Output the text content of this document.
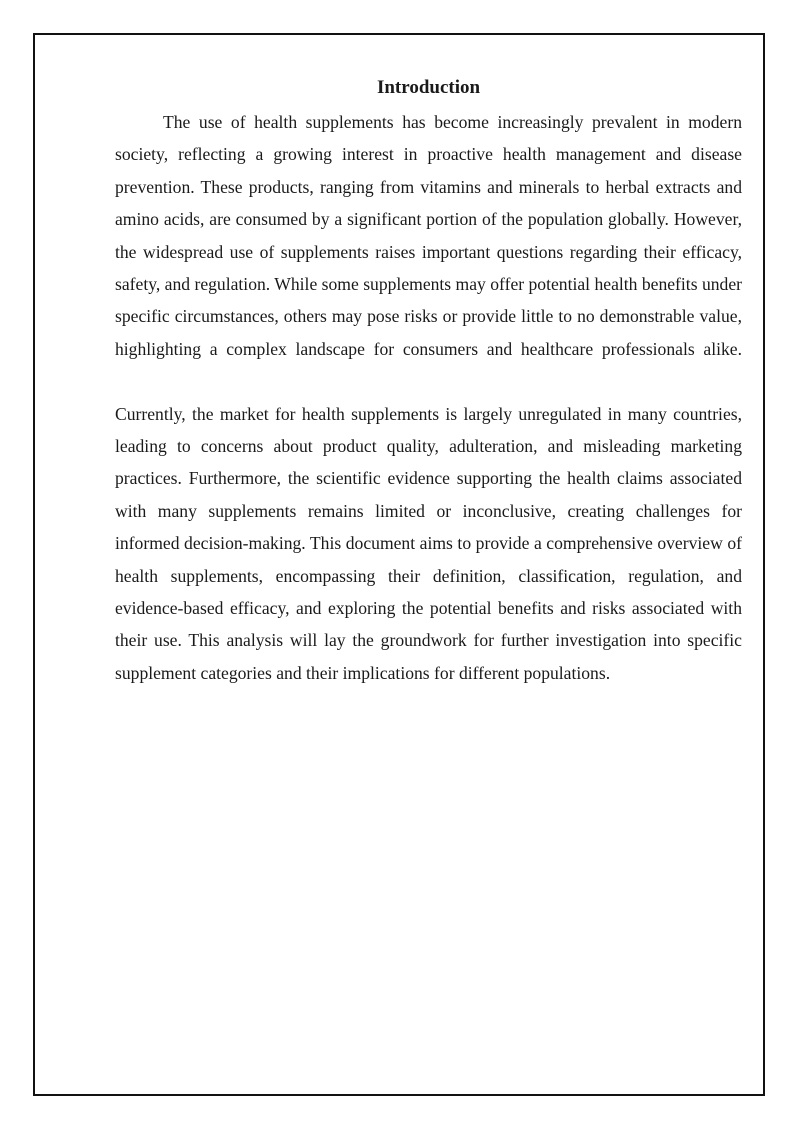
Introduction

The use of health supplements has become increasingly prevalent in modern society, reflecting a growing interest in proactive health management and disease prevention. These products, ranging from vitamins and minerals to herbal extracts and amino acids, are consumed by a significant portion of the population globally. However, the widespread use of supplements raises important questions regarding their efficacy, safety, and regulation. While some supplements may offer potential health benefits under specific circumstances, others may pose risks or provide little to no demonstrable value, highlighting a complex landscape for consumers and healthcare professionals alike.

Currently, the market for health supplements is largely unregulated in many countries, leading to concerns about product quality, adulteration, and misleading marketing practices. Furthermore, the scientific evidence supporting the health claims associated with many supplements remains limited or inconclusive, creating challenges for informed decision-making. This document aims to provide a comprehensive overview of health supplements, encompassing their definition, classification, regulation, and evidence-based efficacy, and exploring the potential benefits and risks associated with their use. This analysis will lay the groundwork for further investigation into specific supplement categories and their implications for different populations.
